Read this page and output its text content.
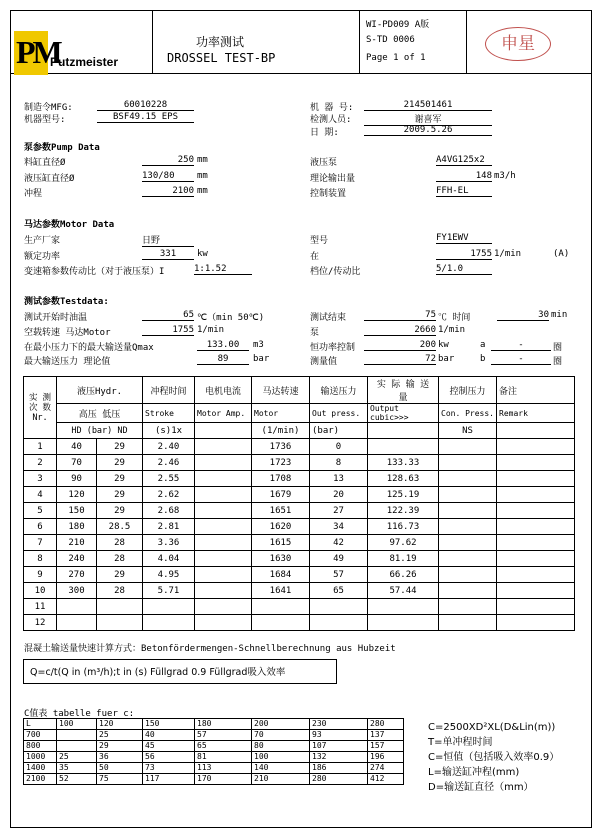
PM
Putzmeister
功率测试
DROSSEL TEST-BP
WI-PD009 A版
S-TD 0006
Page 1 of 1
申星
制造令MFG:	60010228
机器型号:	BSF49.15 EPS
机 器 号:	214501461
检测人员:	谢喜军
日 期:	2009.5.26
泵参数Pump Data
料缸直径Ø	250 mm
液压缸直径Ø	130/80	mm
冲程	2100 mm
液压泵	A4VG125x2
理论输出量	148 m3/h
控制装置	FFH-EL
马达参数Motor Data
生产厂家	日野
额定功率	331	kw
变速箱参数传动比（对于液压泵）I	1:1.52
型号	FY1EWV
在	1755 1/min	(A)
档位/传动比	5/1.0
测试参数Testdata:
测试开始时油温	65 ℃（min 50℃)
空载转速 马达Motor	1755 1/min
在最小压力下的最大输送量Qmax	133.00	m3
最大输送压力 理论值	89	bar
测试结束	75 ℃ 时间	30 min
泵	2660 1/min
恒功率控制	200 kw	a	-	圈
测量值	72 bar	b	-	圈
实 测次 数Nr.	液压Hydr.		冲程时间	电机电流	马达转速	输送压力	实 际 输 送 量	控制压力	备注
	高压 低压		Stroke	Motor Amp.	Motor	Out press.	Output cubic>>>	Con. Press.	Remark
	HD (bar) ND		(s)1x		(1/min)	(bar)		NS	
1	40	29	2.40		1736	0			
2	70	29	2.46		1723	8	133.33		
3	90	29	2.55		1708	13	128.63		
4	120	29	2.62		1679	20	125.19		
5	150	29	2.68		1651	27	122.39		
6	180	28.5	2.81		1620	34	116.73		
7	210	28	3.36		1615	42	97.62		
8	240	28	4.04		1630	49	81.19		
9	270	29	4.95		1684	57	66.26		
10	300	28	5.71		1641	65	57.44		
11									
12									
混凝土输送量快速计算方式：Betonfördermengen-Schnellberechnung aus Hubzeit
Q=c/t(Q in (m³/h);t in (s) Füllgrad 0.9 Füllgrad吸入效率
C值表 tabelle fuer c:
L	100	120	150	180	200	230	280
700		25	40	57	70	93	137
800		29	45	65	80	107	157
1000	25	36	56	81	100	132	196
1400	35	50	73	113	140	186	274
2100	52	75	117	170	210	280	412
C=2500XD²XL(D&Lin(m))
T=单冲程时间
C=恒值（包括吸入效率0.9）
L=输送缸冲程(mm)
D=输送缸直径（mm）
